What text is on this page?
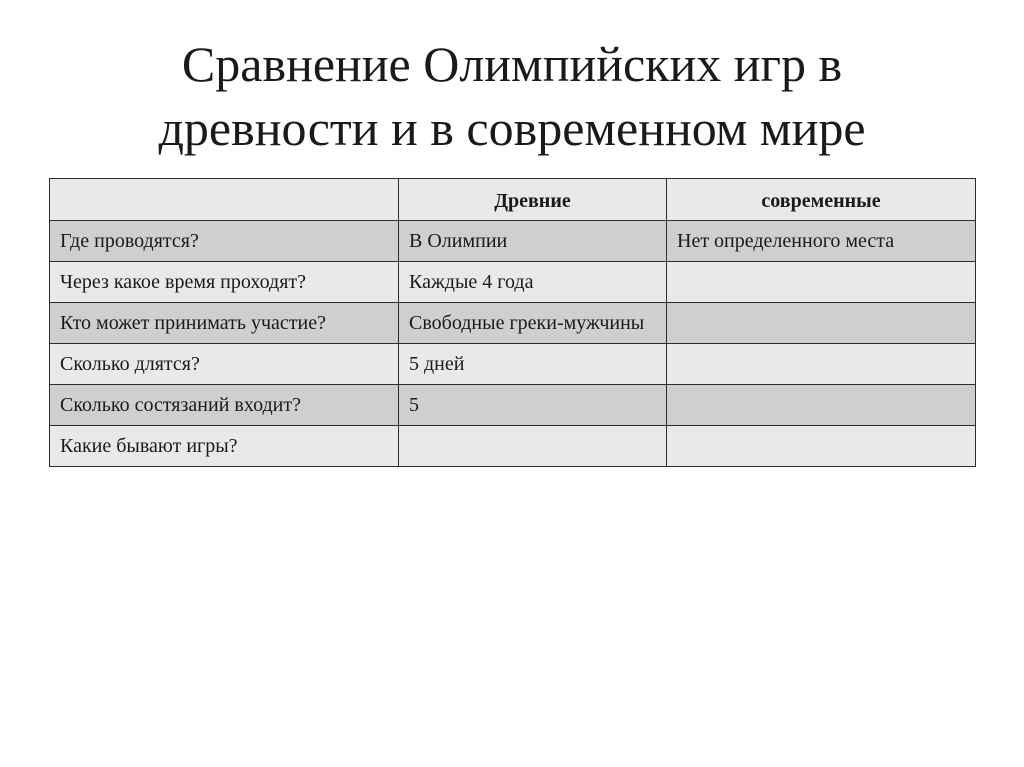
Сравнение Олимпийских игр в
древности и в современном мире
	Древние	современные
Где проводятся?	В Олимпии	Нет определенного места
Через какое время проходят?	Каждые 4 года	
Кто может принимать участие?	Свободные греки-мужчины	
Сколько длятся?	5 дней	
Сколько состязаний входит?	5	
Какие бывают игры?		
